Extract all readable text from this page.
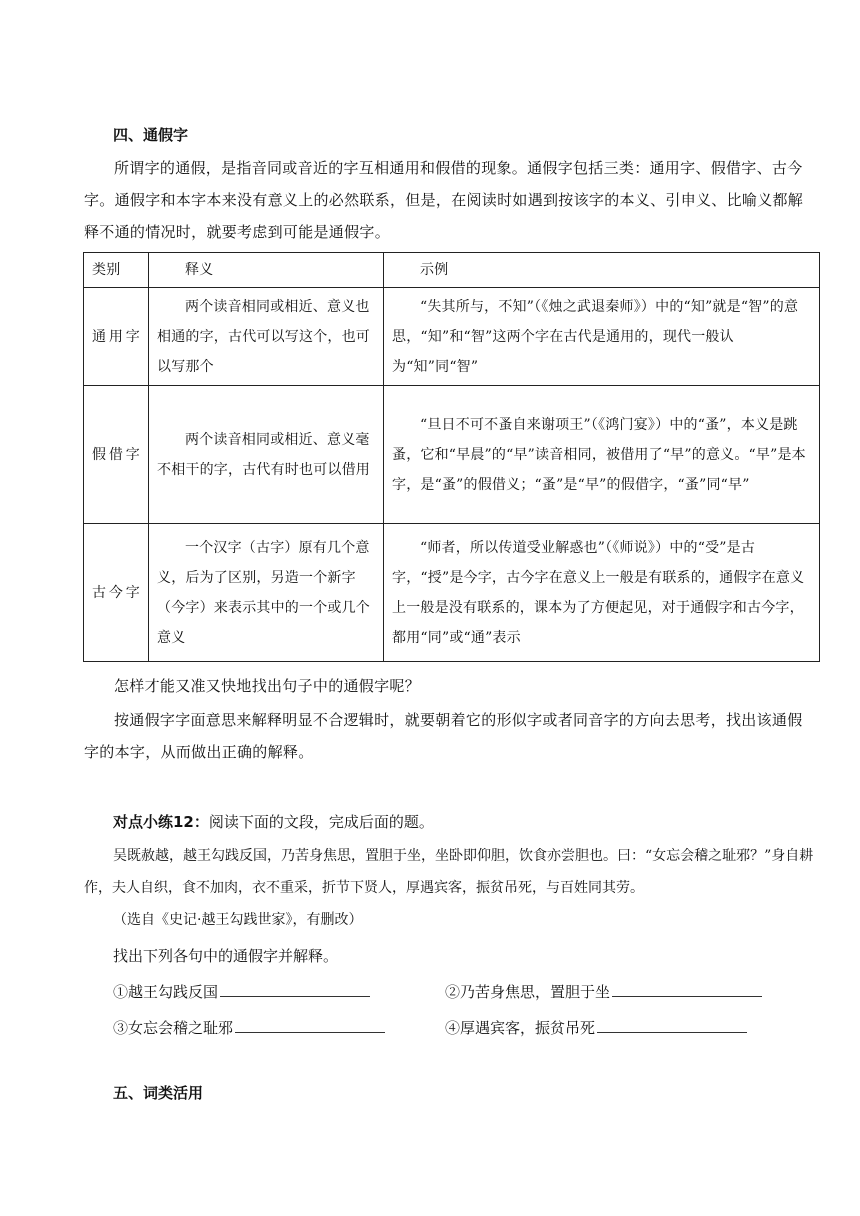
四、通假字
所谓字的通假，是指音同或音近的字互相通用和假借的现象。通假字包括三类：通用字、假借字、古今字。通假字和本字本来没有意义上的必然联系，但是，在阅读时如遇到按该字的本义、引申义、比喻义都解释不通的情况时，就要考虑到可能是通假字。
类别	释义	示例
通用字	两个读音相同或相近、意义也相通的字，古代可以写这个，也可以写那个	“失其所与，不知”（《烛之武退秦师》）中的“知”就是“智”的意思，“知”和“智”这两个字在古代是通用的，现代一般认为“知”同“智”
假借字	两个读音相同或相近、意义毫不相干的字，古代有时也可以借用	“旦日不可不蚤自来谢项王”（《鸿门宴》）中的“蚤”，本义是跳蚤，它和“早晨”的“早”读音相同，被借用了“早”的意义。“早”是本字，是“蚤”的假借义；“蚤”是“早”的假借字，“蚤”同“早”
古今字	一个汉字（古字）原有几个意义，后为了区别，另造一个新字（今字）来表示其中的一个或几个意义	“师者，所以传道受业解惑也”（《师说》）中的“受”是古字，“授”是今字，古今字在意义上一般是有联系的，通假字在意义上一般是没有联系的，课本为了方便起见，对于通假字和古今字，都用“同”或“通”表示
怎样才能又准又快地找出句子中的通假字呢？
按通假字字面意思来解释明显不合逻辑时，就要朝着它的形似字或者同音字的方向去思考，找出该通假字的本字，从而做出正确的解释。
对点小练12：阅读下面的文段，完成后面的题。
吴既赦越，越王勾践反国，乃苦身焦思，置胆于坐，坐卧即仰胆，饮食亦尝胆也。曰：“女忘会稽之耻邪？”身自耕作，夫人自织，食不加肉，衣不重采，折节下贤人，厚遇宾客，振贫吊死，与百姓同其劳。
（选自《史记·越王勾践世家》，有删改）
找出下列各句中的通假字并解释。
①越王勾践反国	②乃苦身焦思，置胆于坐
③女忘会稽之耻邪	④厚遇宾客，振贫吊死
五、词类活用
